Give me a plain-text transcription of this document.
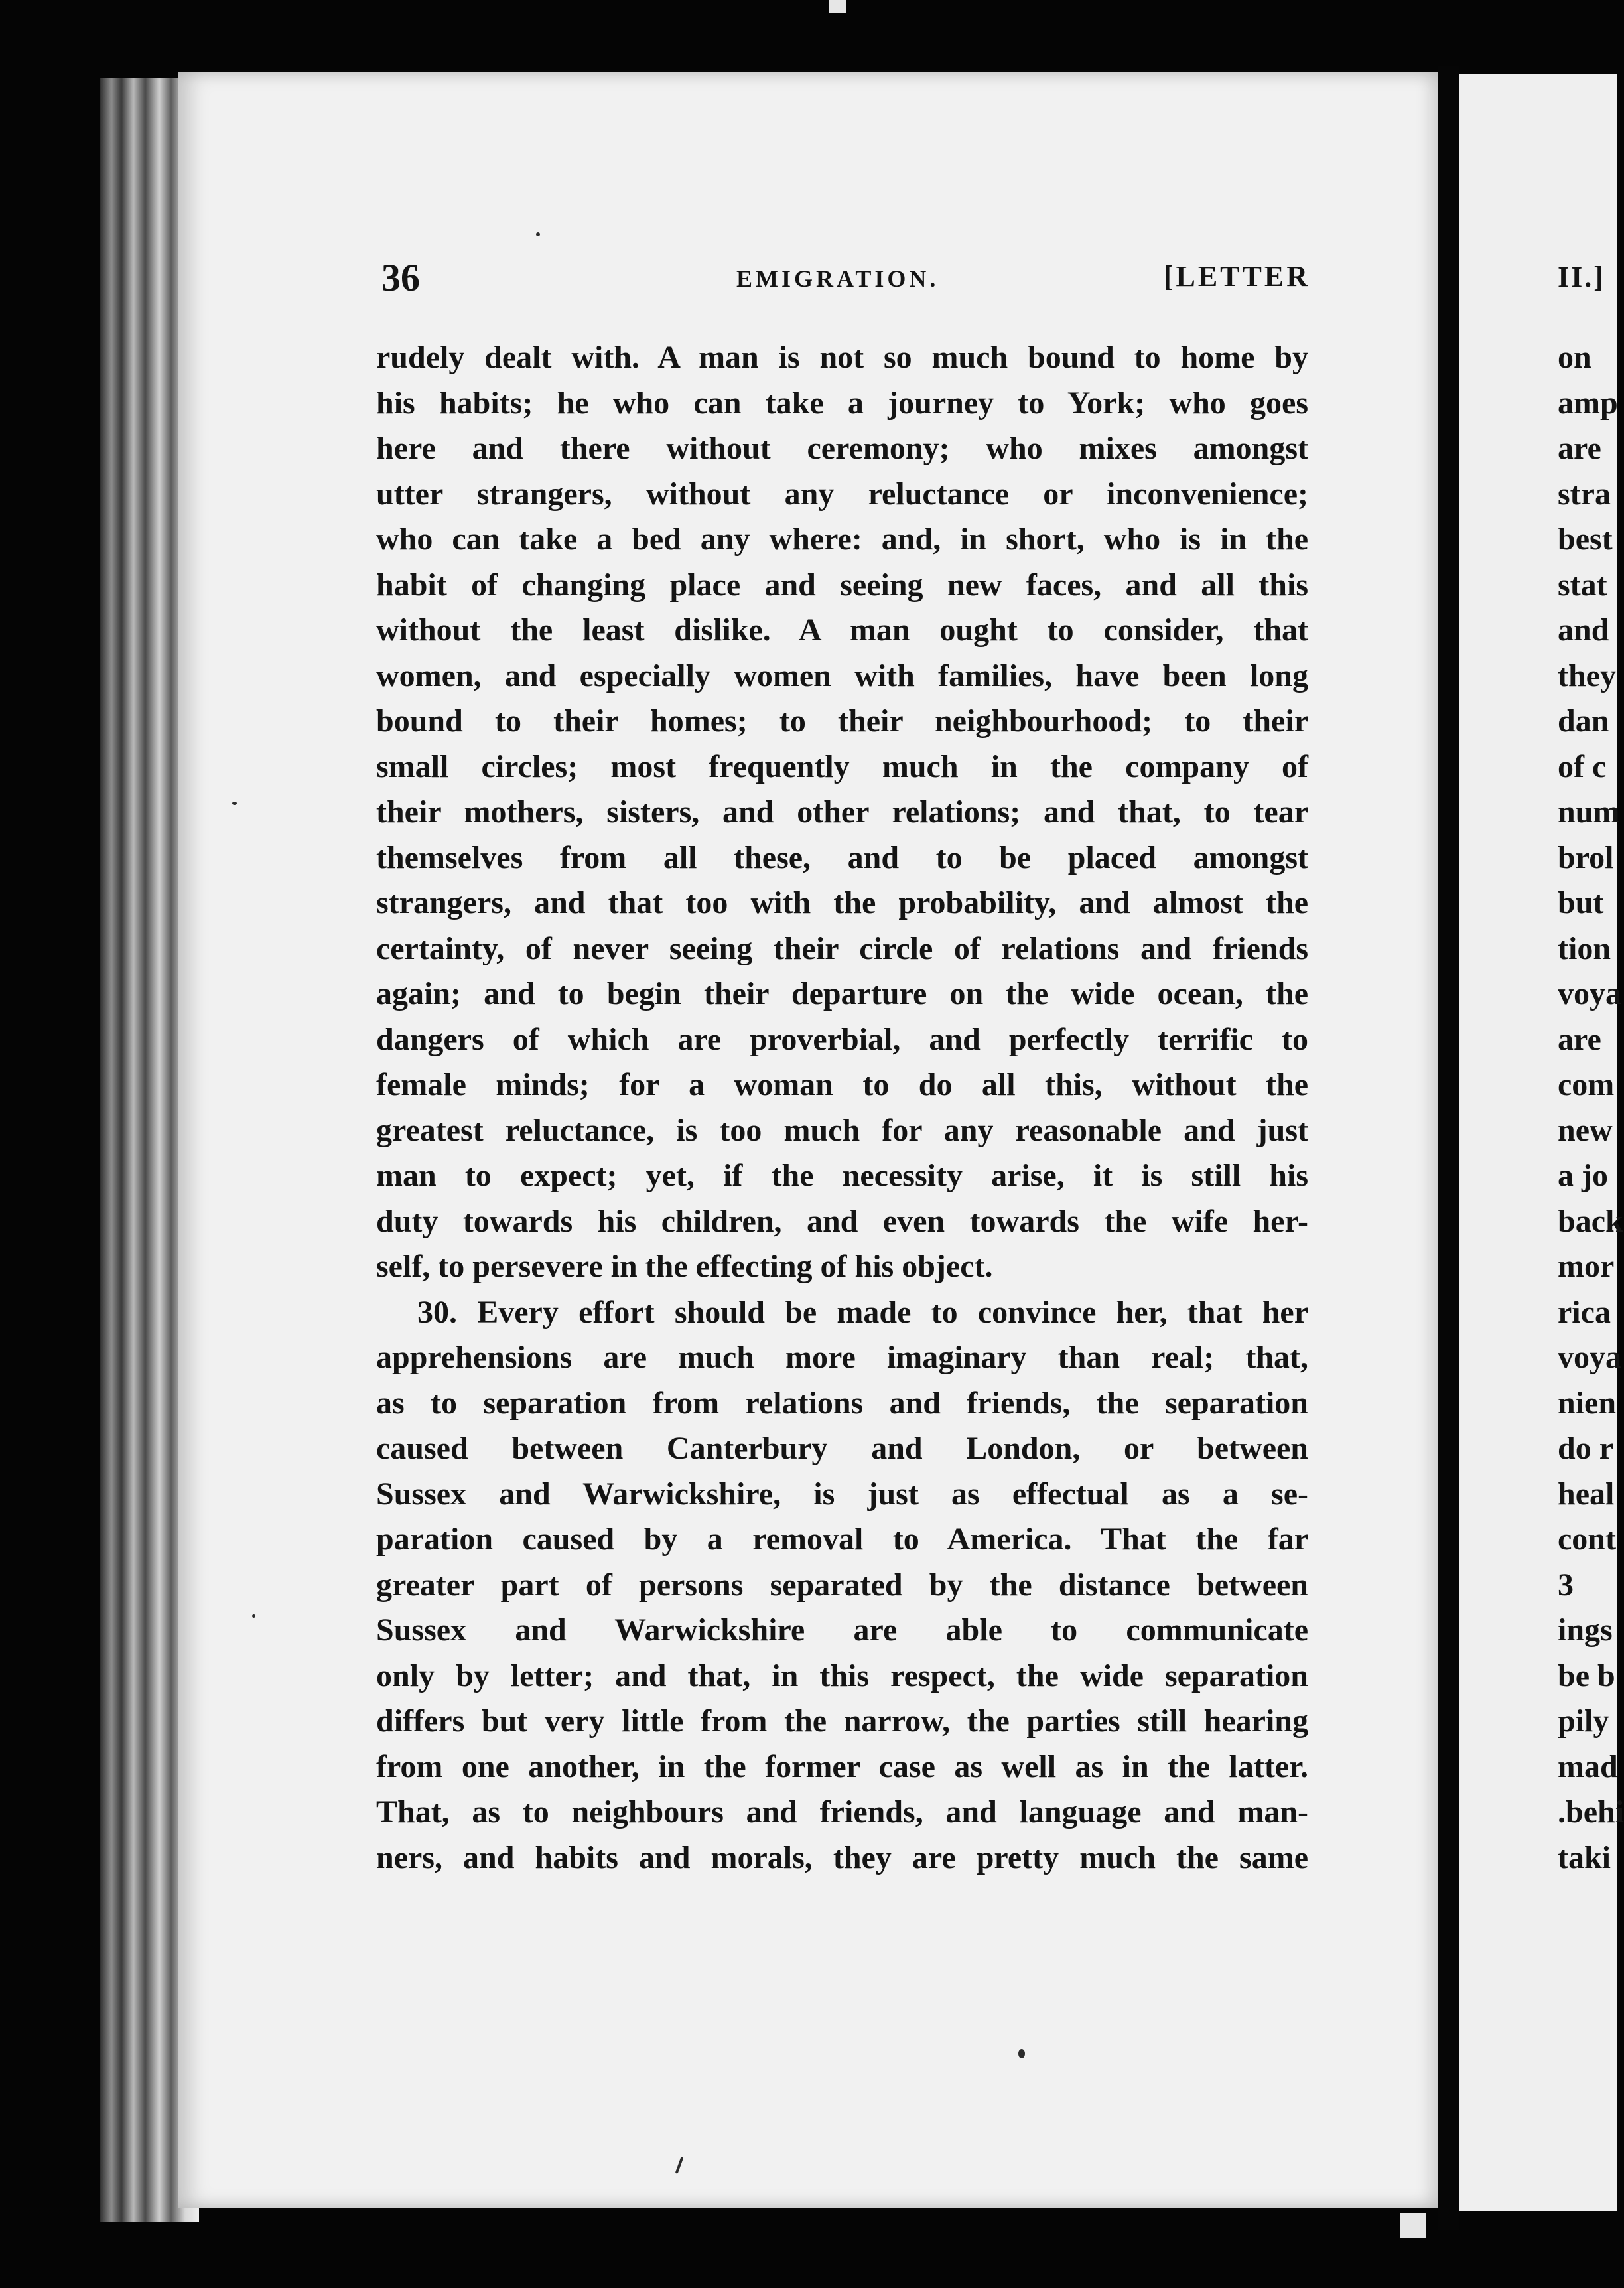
36	EMIGRATION.	[LETTER
rudely dealt with. A man is not so much bound to home by
his habits; he who can take a journey to York; who goes
here and there without ceremony; who mixes amongst
utter strangers, without any reluctance or inconvenience;
who can take a bed any where: and, in short, who is in the
habit of changing place and seeing new faces, and all this
without the least dislike. A man ought to consider, that
women, and especially women with families, have been long
bound to their homes; to their neighbourhood; to their
small circles; most frequently much in the company of
their mothers, sisters, and other relations; and that, to tear
themselves from all these, and to be placed amongst
strangers, and that too with the probability, and almost the
certainty, of never seeing their circle of relations and friends
again; and to begin their departure on the wide ocean, the
dangers of which are proverbial, and perfectly terrific to
female minds; for a woman to do all this, without the
greatest reluctance, is too much for any reasonable and just
man to expect; yet, if the necessity arise, it is still his
duty towards his children, and even towards the wife her-
self, to persevere in the effecting of his object.
30. Every effort should be made to convince her, that her
apprehensions are much more imaginary than real; that,
as to separation from relations and friends, the separation
caused between Canterbury and London, or between
Sussex and Warwickshire, is just as effectual as a se-
paration caused by a removal to America. That the far
greater part of persons separated by the distance between
Sussex and Warwickshire are able to communicate
only by letter; and that, in this respect, the wide separation
differs but very little from the narrow, the parties still hearing
from one another, in the former case as well as in the latter.
That, as to neighbours and friends, and language and man-
ners, and habits and morals, they are pretty much the same
II.]
on
amp
are
stra
best
stat
and
they
dan
of c
num
brol
but
tion
voya
are
com
new
a jo
back
mor
rica
voya
nien
do r
heal
cont
3
ings
be b
pily
mad
.behi
taki
